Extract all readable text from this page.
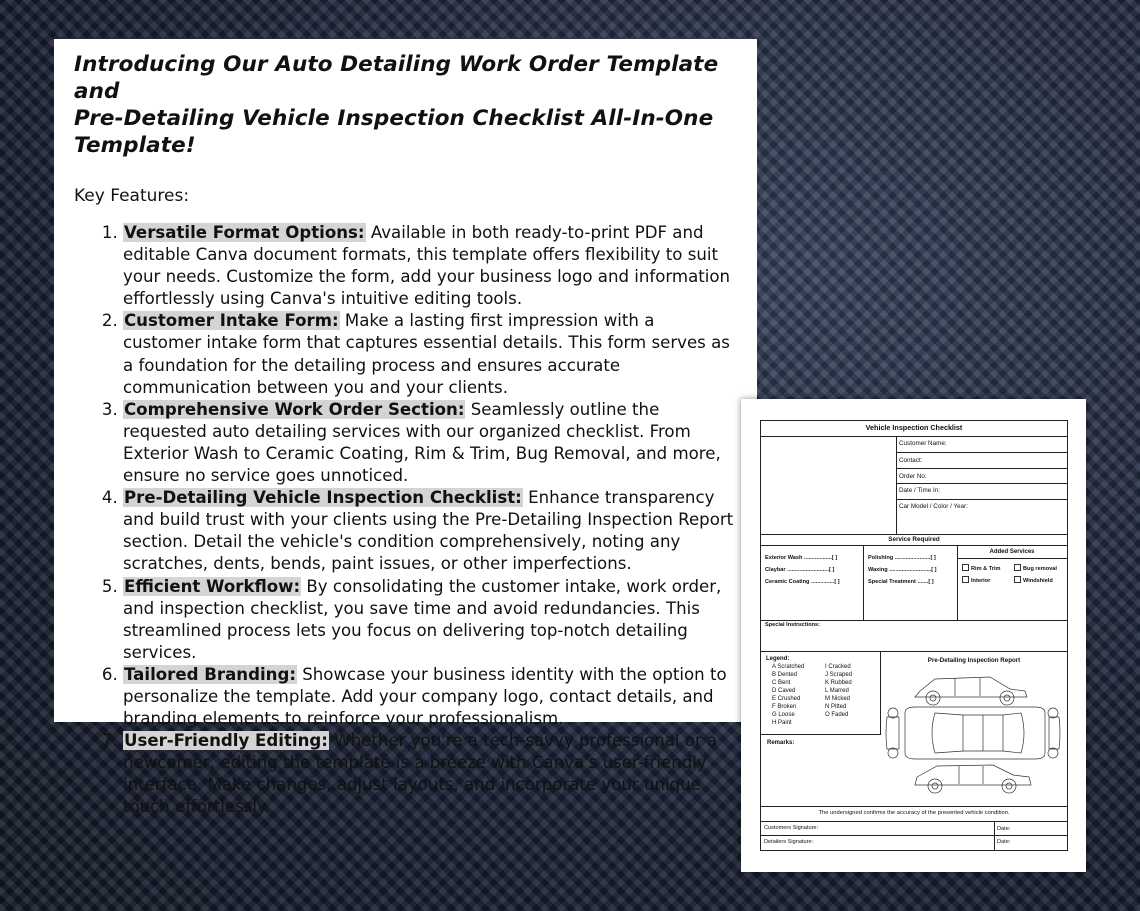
Introducing Our Auto Detailing Work Order Template and
Pre-Detailing Vehicle Inspection Checklist All-In-One Template!

Key Features:

1. Versatile Format Options: Available in both ready-to-print PDF and editable Canva document formats, this template offers flexibility to suit your needs. Customize the form, add your business logo and information effortlessly using Canva's intuitive editing tools.
2. Customer Intake Form: Make a lasting first impression with a customer intake form that captures essential details. This form serves as a foundation for the detailing process and ensures accurate communication between you and your clients.
3. Comprehensive Work Order Section: Seamlessly outline the requested auto detailing services with our organized checklist. From Exterior Wash to Ceramic Coating, Rim & Trim, Bug Removal, and more, ensure no service goes unnoticed.
4. Pre-Detailing Vehicle Inspection Checklist: Enhance transparency and build trust with your clients using the Pre-Detailing Inspection Report section. Detail the vehicle's condition comprehensively, noting any scratches, dents, bends, paint issues, or other imperfections.
5. Efficient Workflow: By consolidating the customer intake, work order, and inspection checklist, you save time and avoid redundancies. This streamlined process lets you focus on delivering top-notch detailing services.
6. Tailored Branding: Showcase your business identity with the option to personalize the template. Add your company logo, contact details, and branding elements to reinforce your professionalism.
7. User-Friendly Editing: Whether you're a tech-savvy professional or a newcomer, editing the template is a breeze with Canva's user-friendly interface. Make changes, adjust layouts, and incorporate your unique touch effortlessly.
Vehicle Inspection Checklist
Customer Name:
Contact:
Order No:
Date / Time In:
Car Model / Color / Year:
Service Required
Exterior Wash ..................[ ]
Claybar ...........................[ ]
Ceramic Coating ...............[ ]
Polishing .......................[ ]
Waxing ...........................[ ]
Special Treatment .......[ ]
Added Services
Rim & Trim	Bug removal
Interior	Windshield
Special Instructions:
Legend:
A Scratched
B Dented
C Bent
D Caved
E Crushed
F Broken
G Loose
H Paint
I Cracked
J Scraped
K Rubbed
L Marred
M Nicked
N Pitted
O Faded
Remarks:
Pre-Detailing Inspection Report
The undersigned confirms the accuracy of the presented vehicle condition.
Customers Signature:	Date:
Detailers Signature:	Date:
